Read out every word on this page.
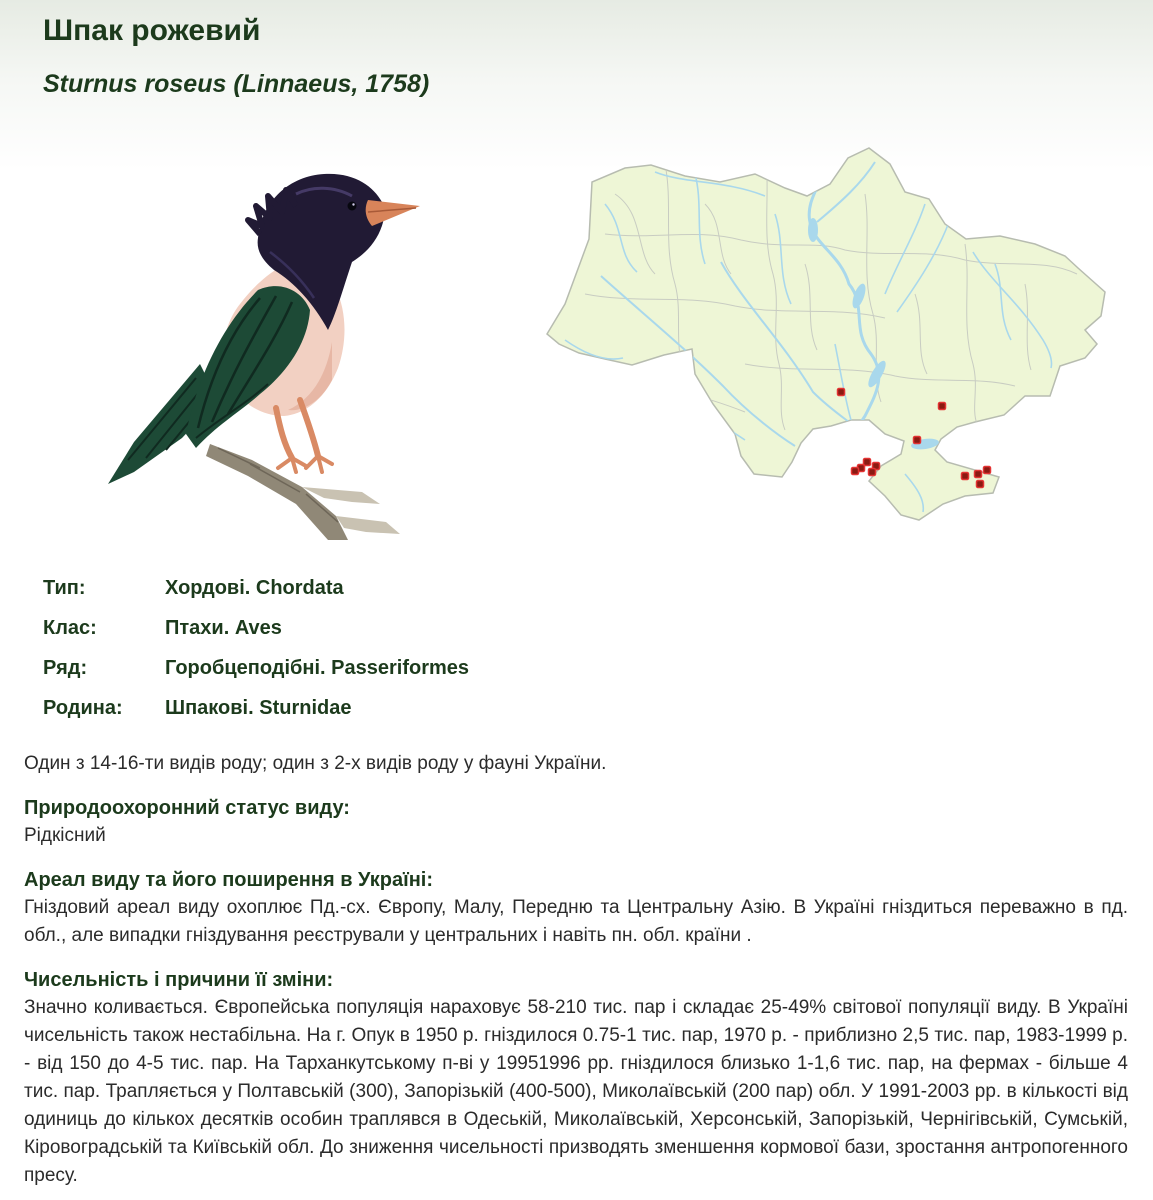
Шпак рожевий
Sturnus roseus (Linnaeus, 1758)
Тип:	Хордові. Chordata
Клас:	Птахи. Aves
Ряд:	Горобцеподібні. Passeriformes
Родина:	Шпакові. Sturnidae

Один з 14-16-ти видів роду; один з 2-х видів роду у фауні України.

Природоохоронний статус виду:

Рідкісний

Ареал виду та його поширення в Україні:

Гніздовий ареал виду охоплює Пд.-сх. Європу, Малу, Передню та Центральну Азію. В Україні гніздиться переважно в пд. обл., але випадки гніздування реєстрували у центральних і навіть пн. обл. країни .

Чисельність і причини її зміни:

Значно коливається. Європейська популяція нараховує 58-210 тис. пар і складає 25-49% світової популяції виду. В Україні чисельність також нестабільна. На г. Опук в 1950 р. гніздилося 0.75-1 тис. пар, 1970 р. - приблизно 2,5 тис. пар, 1983-1999 р. - від 150 до 4-5 тис. пар. На Тарханкутському п-ві у 19951996 рр. гніздилося близько 1-1,6 тис. пар, на фермах - більше 4 тис. пар. Трапляється у Полтавській (300), Запорізькій (400-500), Миколаївській (200 пар) обл. У 1991-2003 рр. в кількості від одиниць до кількох десятків особин траплявся в Одеській, Миколаївській, Херсонській, Запорізькій, Чернігівській, Сумській, Кіровоградській та Київській обл. До зниження чисельності призводять зменшення кормової бази, зростання антропогенного пресу.
